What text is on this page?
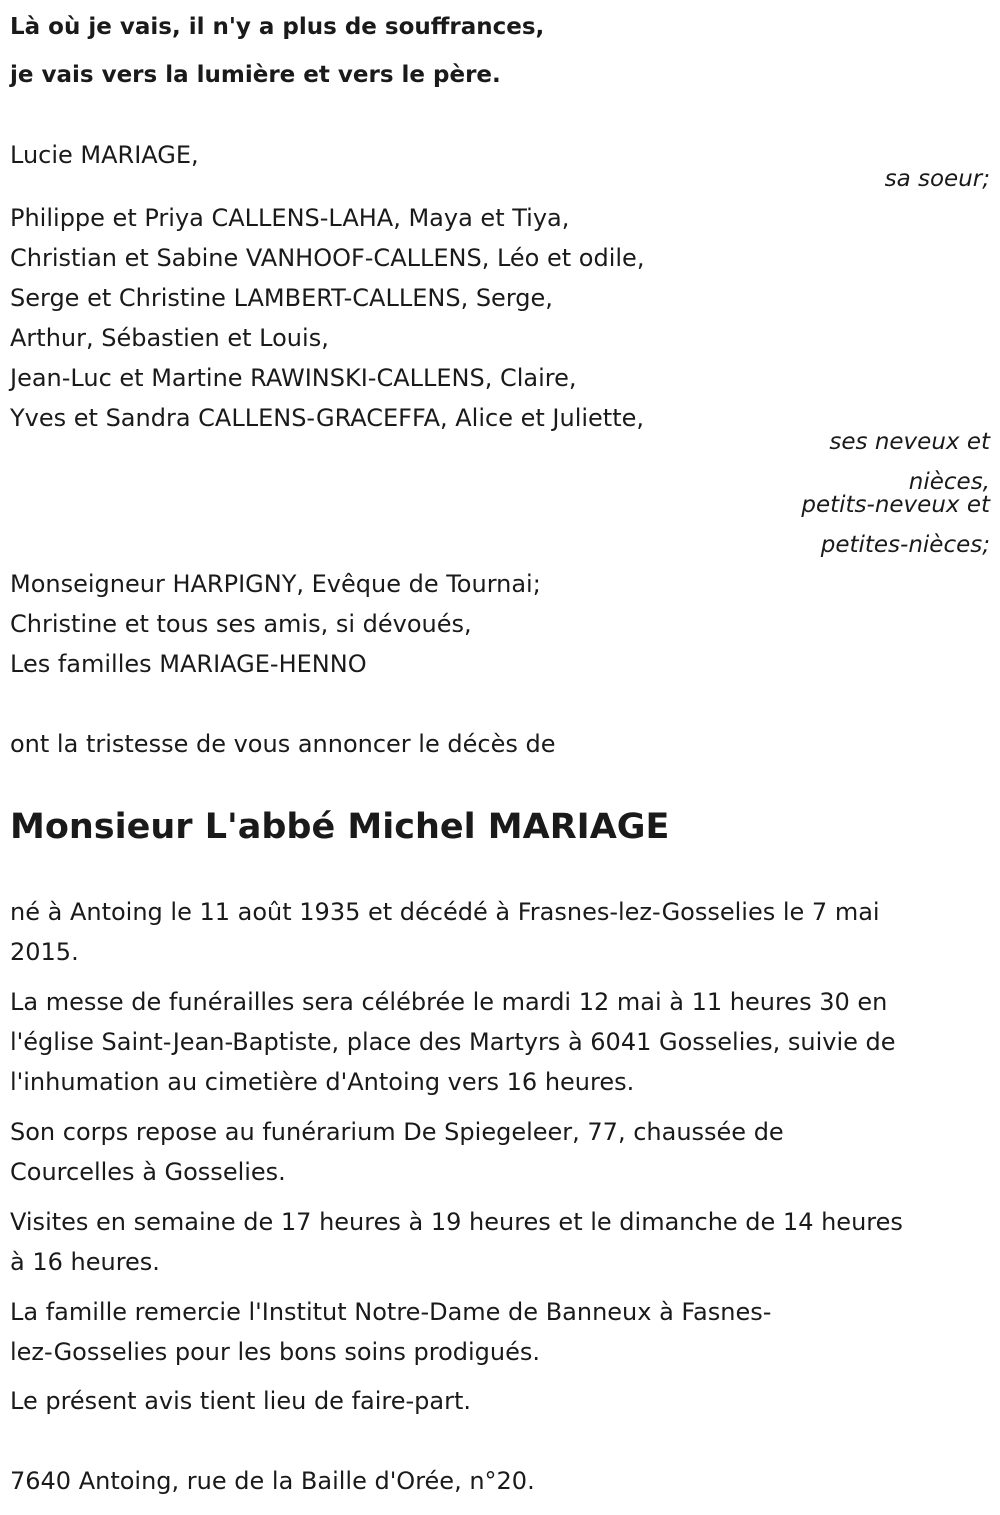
Là où je vais, il n'y a plus de souffrances,

je vais vers la lumière et vers le père.

Lucie MARIAGE,

sa soeur;

Philippe et Priya CALLENS-LAHA, Maya et Tiya,

Christian et Sabine VANHOOF-CALLENS, Léo et odile,

Serge et Christine LAMBERT-CALLENS, Serge,

Arthur, Sébastien et Louis,

Jean-Luc et Martine RAWINSKI-CALLENS, Claire,

Yves et Sandra CALLENS-GRACEFFA, Alice et Juliette,

ses neveux et

nièces,

petits-neveux et

petites-nièces;

Monseigneur HARPIGNY, Evêque de Tournai;

Christine et tous ses amis, si dévoués,

Les familles MARIAGE-HENNO

ont la tristesse de vous annoncer le décès de

Monsieur L'abbé Michel MARIAGE

né à Antoing le 11 août 1935 et décédé à Frasnes-lez-Gosselies le 7 mai

2015.

La messe de funérailles sera célébrée le mardi 12 mai à 11 heures 30 en

l'église Saint-Jean-Baptiste, place des Martyrs à 6041 Gosselies, suivie de

l'inhumation au cimetière d'Antoing vers 16 heures.

Son corps repose au funérarium De Spiegeleer, 77, chaussée de

Courcelles à Gosselies.

Visites en semaine de 17 heures à 19 heures et le dimanche de 14 heures

à 16 heures.

La famille remercie l'Institut Notre-Dame de Banneux à Fasnes-

lez-Gosselies pour les bons soins prodigués.

Le présent avis tient lieu de faire-part.

7640 Antoing, rue de la Baille d'Orée, n°20.
